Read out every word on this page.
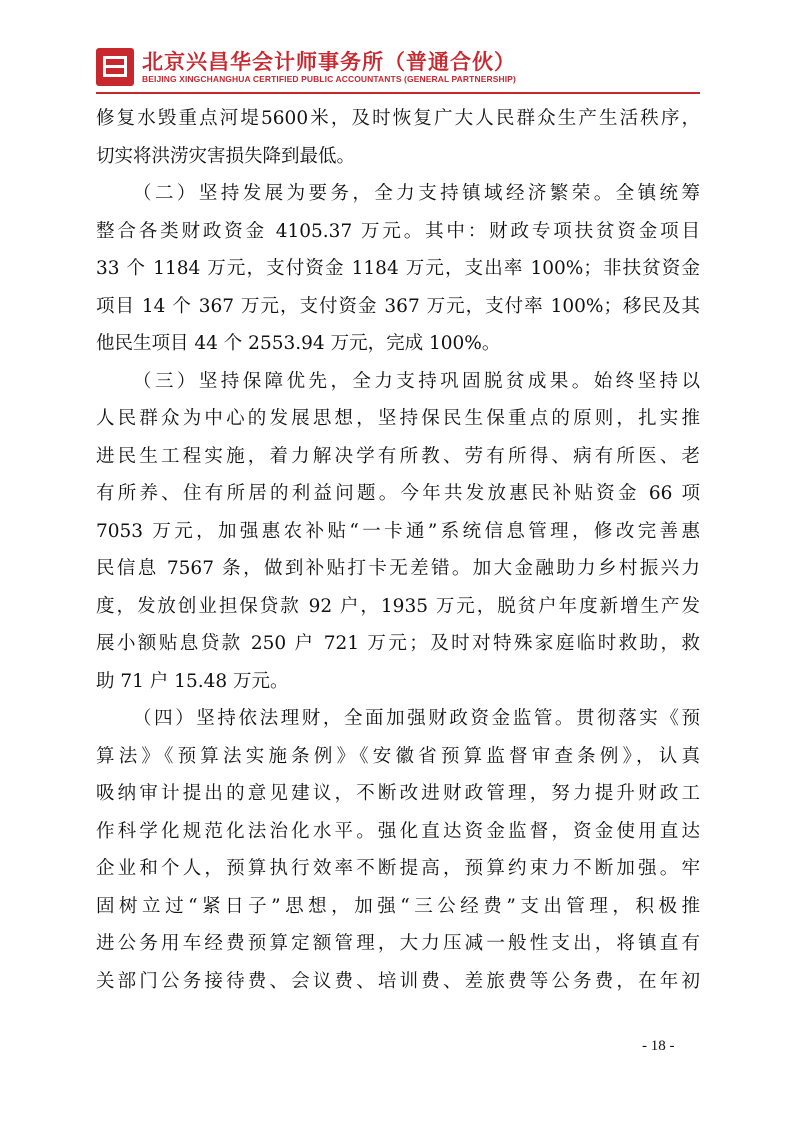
北京兴昌华会计师事务所（普通合伙）
BEIJING XINGCHANGHUA CERTIFIED PUBLIC ACCOUNTANTS (GENERAL PARTNERSHIP)
修复水毁重点河堤5600米，及时恢复广大人民群众生产生活秩序，
切实将洪涝灾害损失降到最低。
（二）坚持发展为要务，全力支持镇域经济繁荣。全镇统筹
整合各类财政资金 4105.37 万元。其中：财政专项扶贫资金项目
33 个 1184 万元，支付资金 1184 万元，支出率 100%；非扶贫资金
项目 14 个 367 万元，支付资金 367 万元，支付率 100%；移民及其
他民生项目 44 个 2553.94 万元，完成 100%。
（三）坚持保障优先，全力支持巩固脱贫成果。始终坚持以
人民群众为中心的发展思想，坚持保民生保重点的原则，扎实推
进民生工程实施，着力解决学有所教、劳有所得、病有所医、老
有所养、住有所居的利益问题。今年共发放惠民补贴资金 66 项
7053 万元，加强惠农补贴“一卡通”系统信息管理，修改完善惠
民信息 7567 条，做到补贴打卡无差错。加大金融助力乡村振兴力
度，发放创业担保贷款 92 户，1935 万元，脱贫户年度新增生产发
展小额贴息贷款 250 户 721 万元；及时对特殊家庭临时救助，救
助 71 户 15.48 万元。
（四）坚持依法理财，全面加强财政资金监管。贯彻落实《预
算法》《预算法实施条例》《安徽省预算监督审查条例》，认真
吸纳审计提出的意见建议，不断改进财政管理，努力提升财政工
作科学化规范化法治化水平。强化直达资金监督，资金使用直达
企业和个人，预算执行效率不断提高，预算约束力不断加强。牢
固树立过“紧日子”思想，加强“三公经费”支出管理，积极推
进公务用车经费预算定额管理，大力压减一般性支出，将镇直有
关部门公务接待费、会议费、培训费、差旅费等公务费，在年初
- 18 -
